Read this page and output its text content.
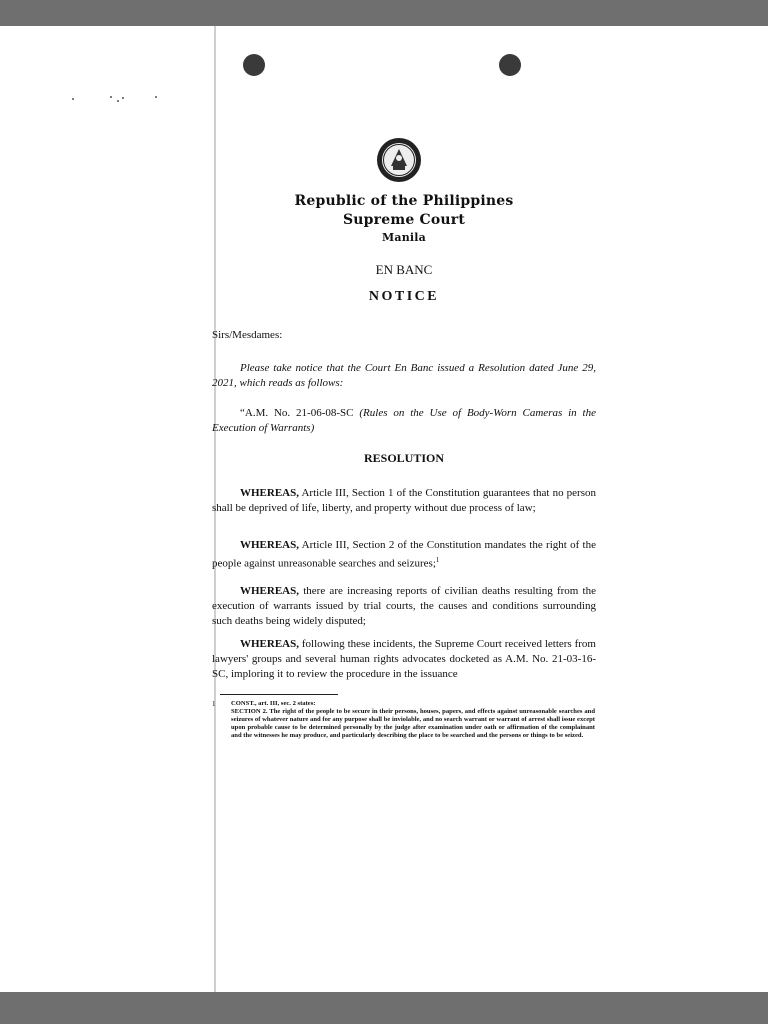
Republic of the Philippines
Supreme Court
Manila
EN BANC
NOTICE
Sirs/Mesdames:
Please take notice that the Court En Banc issued a Resolution dated June 29, 2021, which reads as follows:
“A.M. No. 21-06-08-SC (Rules on the Use of Body-Worn Cameras in the Execution of Warrants)
RESOLUTION
WHEREAS, Article III, Section 1 of the Constitution guarantees that no person shall be deprived of life, liberty, and property without due process of law;
WHEREAS, Article III, Section 2 of the Constitution mandates the right of the people against unreasonable searches and seizures;$^1$
WHEREAS, there are increasing reports of civilian deaths resulting from the execution of warrants issued by trial courts, the causes and conditions surrounding such deaths being widely disputed;
WHEREAS, following these incidents, the Supreme Court received letters from lawyers' groups and several human rights advocates docketed as A.M. No. 21-03-16-SC, imploring it to review the procedure in the issuance
1 CONST., art. III, sec. 2 states:
SECTION 2. The right of the people to be secure in their persons, houses, papers, and effects against unreasonable searches and seizures of whatever nature and for any purpose shall be inviolable, and no search warrant or warrant of arrest shall issue except upon probable cause to be determined personally by the judge after examination under oath or affirmation of the complainant and the witnesses he may produce, and particularly describing the place to be searched and the persons or things to be seized.
